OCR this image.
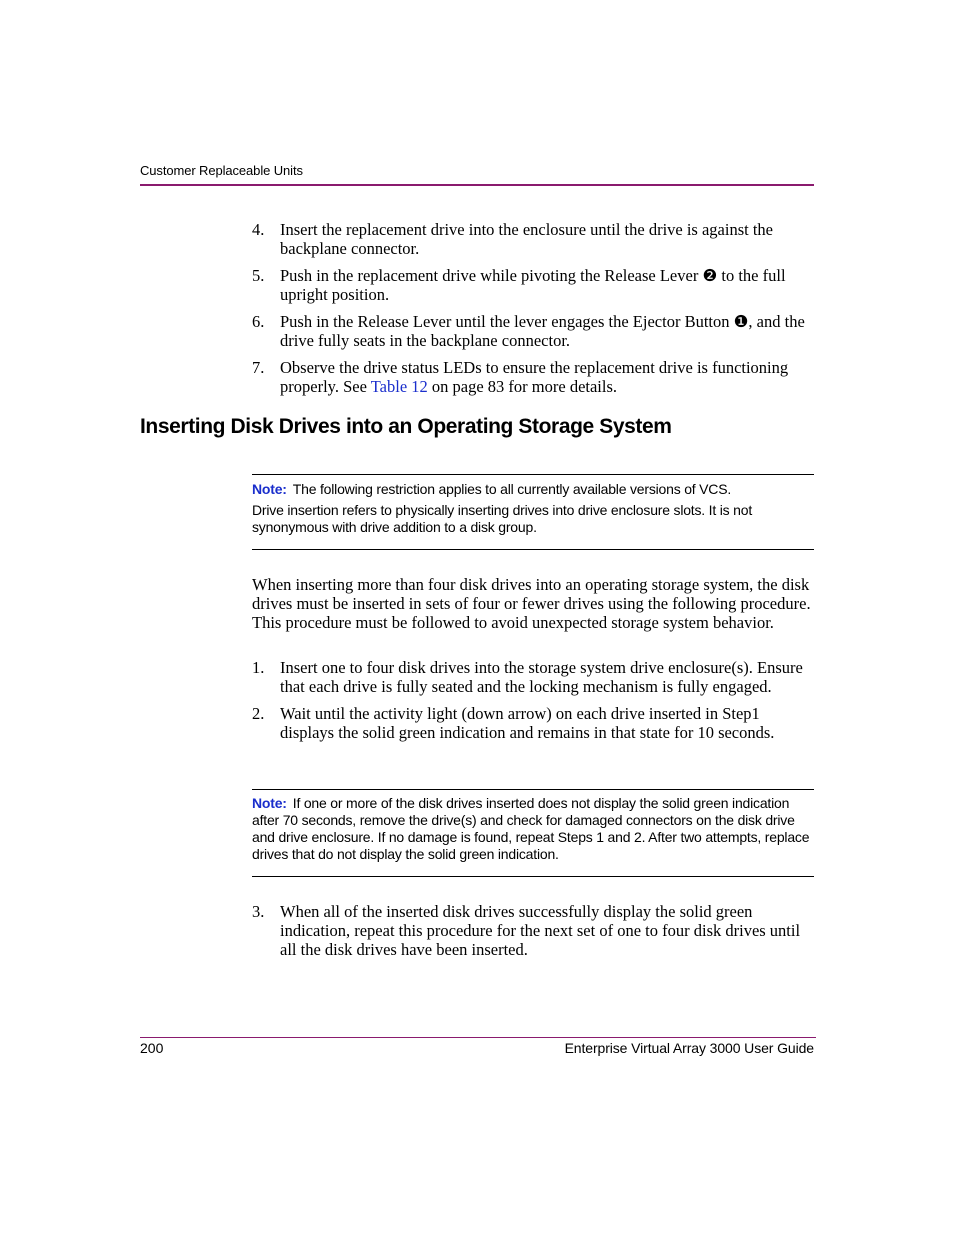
Customer Replaceable Units
4. Insert the replacement drive into the enclosure until the drive is against the backplane connector.
5. Push in the replacement drive while pivoting the Release Lever ❷ to the full upright position.
6. Push in the Release Lever until the lever engages the Ejector Button ❶, and the drive fully seats in the backplane connector.
7. Observe the drive status LEDs to ensure the replacement drive is functioning properly. See Table 12 on page 83 for more details.
Inserting Disk Drives into an Operating Storage System

Note: The following restriction applies to all currently available versions of VCS.

Drive insertion refers to physically inserting drives into drive enclosure slots. It is not synonymous with drive addition to a disk group.

When inserting more than four disk drives into an operating storage system, the disk drives must be inserted in sets of four or fewer drives using the following procedure. This procedure must be followed to avoid unexpected storage system behavior.

1. Insert one to four disk drives into the storage system drive enclosure(s). Ensure that each drive is fully seated and the locking mechanism is fully engaged.
2. Wait until the activity light (down arrow) on each drive inserted in Step1 displays the solid green indication and remains in that state for 10 seconds.

Note: If one or more of the disk drives inserted does not display the solid green indication after 70 seconds, remove the drive(s) and check for damaged connectors on the disk drive and drive enclosure. If no damage is found, repeat Steps 1 and 2. After two attempts, replace drives that do not display the solid green indication.

3. When all of the inserted disk drives successfully display the solid green indication, repeat this procedure for the next set of one to four disk drives until all the disk drives have been inserted.
200	Enterprise Virtual Array 3000 User Guide
